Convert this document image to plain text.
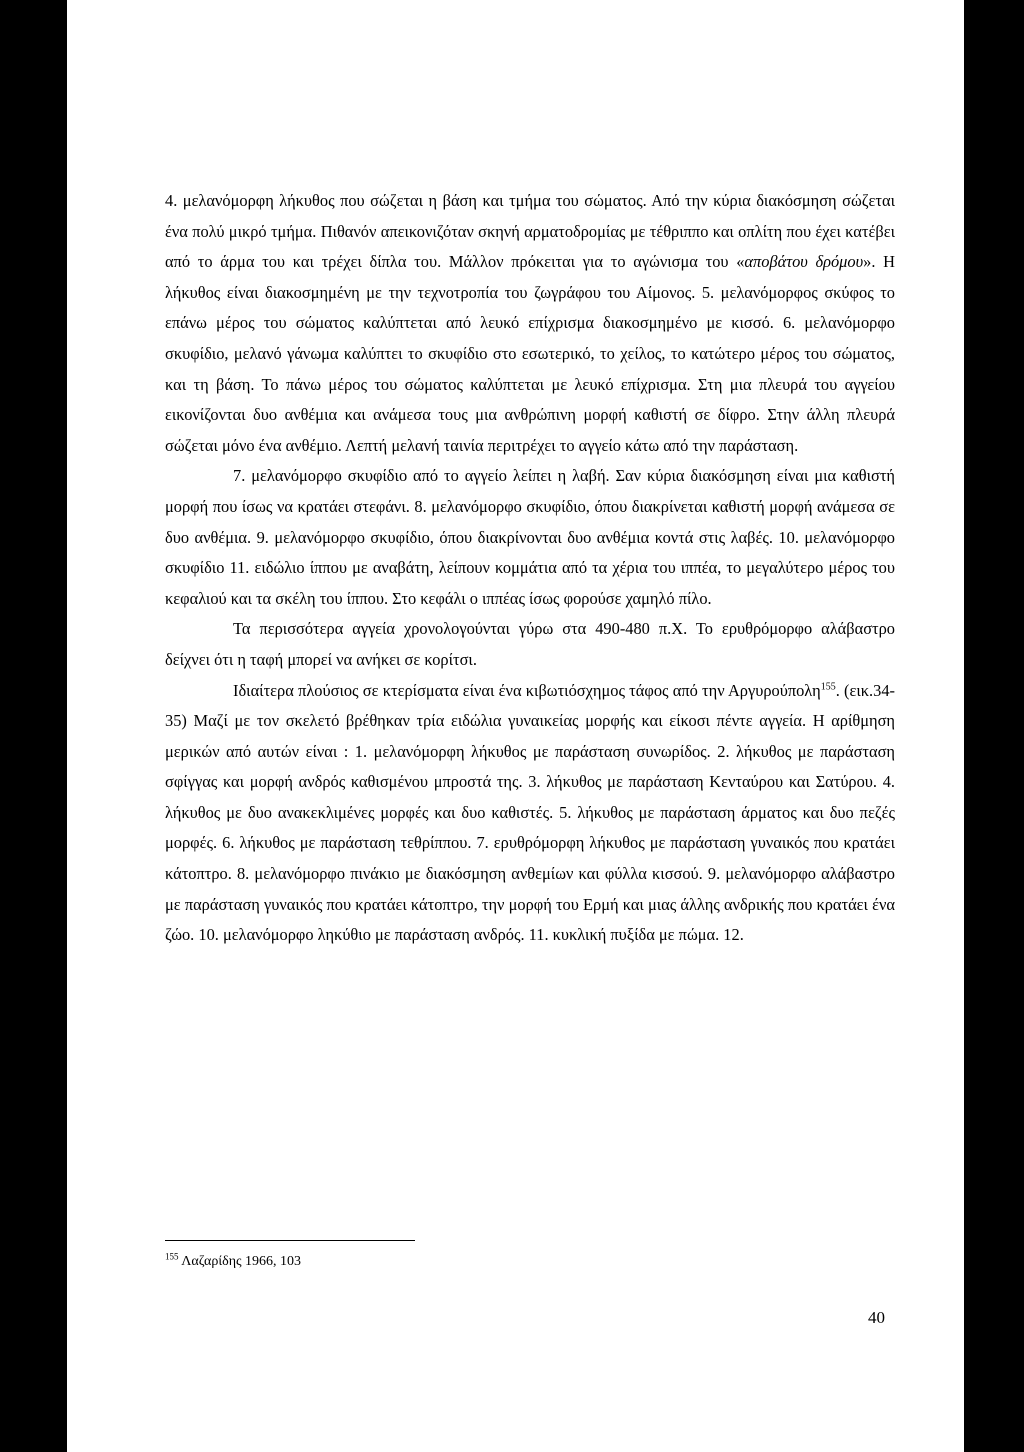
4. μελανόμορφη λήκυθος που σώζεται η βάση και τμήμα του σώματος. Από την κύρια διακόσμηση σώζεται ένα πολύ μικρό τμήμα. Πιθανόν απεικονιζόταν σκηνή αρματοδρομίας με τέθριππο και οπλίτη που έχει κατέβει από το άρμα του και τρέχει δίπλα του. Μάλλον πρόκειται για το αγώνισμα του «αποβάτου δρόμου». Η λήκυθος είναι διακοσμημένη με την τεχνοτροπία του ζωγράφου του Αίμονος. 5. μελανόμορφος σκύφος το επάνω μέρος του σώματος καλύπτεται από λευκό επίχρισμα διακοσμημένο με κισσό. 6. μελανόμορφο σκυφίδιο, μελανό γάνωμα καλύπτει το σκυφίδιο στο εσωτερικό, το χείλος, το κατώτερο μέρος του σώματος, και τη βάση. Το πάνω μέρος του σώματος καλύπτεται με λευκό επίχρισμα. Στη μια πλευρά του αγγείου εικονίζονται δυο ανθέμια και ανάμεσα τους μια ανθρώπινη μορφή καθιστή σε δίφρο. Στην άλλη πλευρά σώζεται μόνο ένα ανθέμιο. Λεπτή μελανή ταινία περιτρέχει το αγγείο κάτω από την παράσταση.

7. μελανόμορφο σκυφίδιο από το αγγείο λείπει η λαβή. Σαν κύρια διακόσμηση είναι μια καθιστή μορφή που ίσως να κρατάει στεφάνι. 8. μελανόμορφο σκυφίδιο, όπου διακρίνεται καθιστή μορφή ανάμεσα σε δυο ανθέμια. 9. μελανόμορφο σκυφίδιο, όπου διακρίνονται δυο ανθέμια κοντά στις λαβές. 10. μελανόμορφο σκυφίδιο 11. ειδώλιο ίππου με αναβάτη, λείπουν κομμάτια από τα χέρια του ιππέα, το μεγαλύτερο μέρος του κεφαλιού και τα σκέλη του ίππου. Στο κεφάλι ο ιππέας ίσως φορούσε χαμηλό πίλο.

Τα περισσότερα αγγεία χρονολογούνται γύρω στα 490-480 π.Χ. Το ερυθρόμορφο αλάβαστρο δείχνει ότι η ταφή μπορεί να ανήκει σε κορίτσι.

Ιδιαίτερα πλούσιος σε κτερίσματα είναι ένα κιβωτιόσχημος τάφος από την Αργυρούπολη$^{155}$. (εικ.34-35) Μαζί με τον σκελετό βρέθηκαν τρία ειδώλια γυναικείας μορφής και είκοσι πέντε αγγεία. Η αρίθμηση μερικών από αυτών είναι : 1. μελανόμορφη λήκυθος με παράσταση συνωρίδος. 2. λήκυθος με παράσταση σφίγγας και μορφή ανδρός καθισμένου μπροστά της. 3. λήκυθος με παράσταση Κενταύρου και Σατύρου. 4. λήκυθος με δυο ανακεκλιμένες μορφές και δυο καθιστές. 5. λήκυθος με παράσταση άρματος και δυο πεζές μορφές. 6. λήκυθος με παράσταση τεθρίππου. 7. ερυθρόμορφη λήκυθος με παράσταση γυναικός που κρατάει κάτοπτρο. 8. μελανόμορφο πινάκιο με διακόσμηση ανθεμίων και φύλλα κισσού. 9. μελανόμορφο αλάβαστρο με παράσταση γυναικός που κρατάει κάτοπτρο, την μορφή του Ερμή και μιας άλλης ανδρικής που κρατάει ένα ζώο. 10. μελανόμορφο ληκύθιο με παράσταση ανδρός. 11. κυκλική πυξίδα με πώμα. 12.

$^{155}$ Λαζαρίδης 1966, 103
40
